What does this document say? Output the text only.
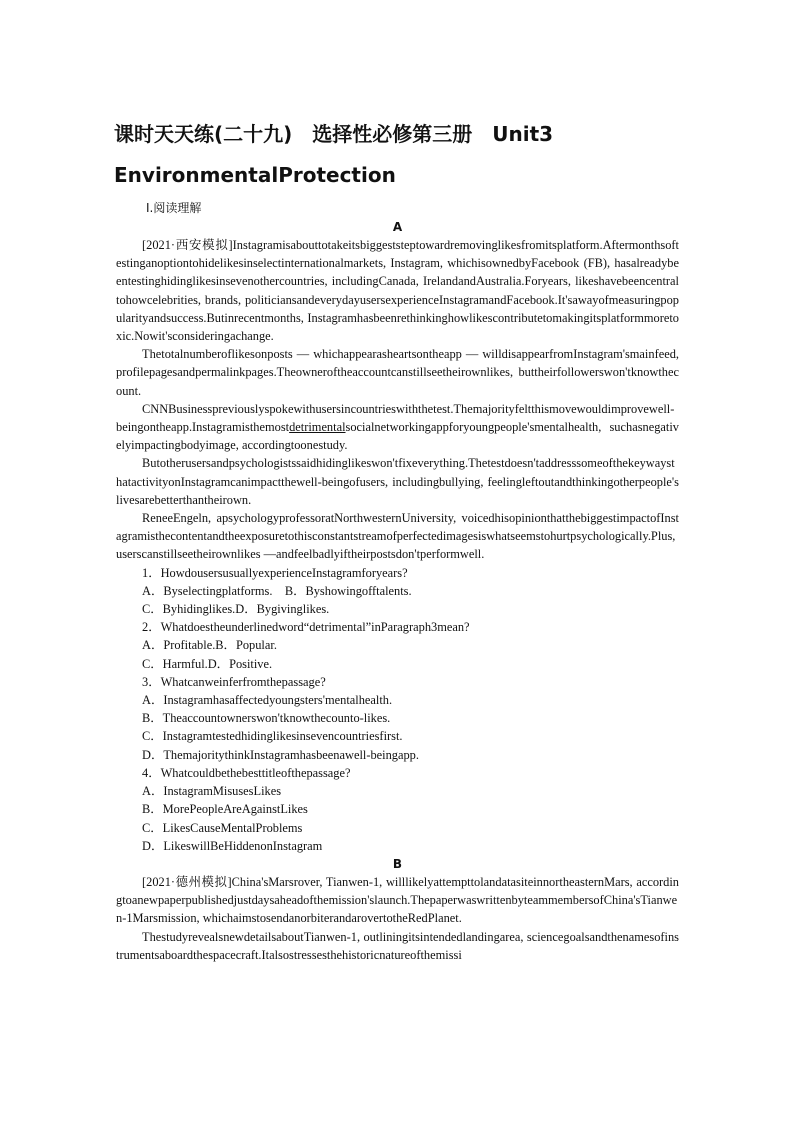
课时天天练(二十九)　选择性必修第三册　Unit3
EnvironmentalProtection
Ⅰ.阅读理解
A

[2021·西安模拟]Instagramisabouttotakeitsbiggeststeptowardremovinglikesfromitsplatform.Aftermonthsoftestinganoptiontohidelikesinselectinternationalmarkets, Instagram, whichisownedbyFacebook (FB), hasalreadybeentestinghidinglikesinsevenothercountries, includingCanada, IrelandandAustralia.Foryears, likeshavebeencentraltohowcelebrities, brands, politiciansandeverydayusersexperienceInstagramandFacebook.It'sawayofmeasuringpopularityandsuccess.Butinrecentmonths, Instagramhasbeenrethinkinghowlikescontributetomakingitsplatformmoretoxic.Nowit'sconsideringachange.

Thetotalnumberoflikesonposts — whichappearasheartsontheapp — willdisappearfromInstagram'smainfeed, profilepagesandpermalinkpages.Theowneroftheaccountcanstillseetheirownlikes, buttheirfollowerswon'tknowthecount.

CNNBusinesspreviouslyspokewithusersincountrieswiththetest.Themajorityfeltthismovewouldimprovewell-beingontheapp.Instagramisthemostdetrimentalsocialnetworkingappforyoungpeople'smentalhealth, suchasnegativelyimpactingbodyimage, accordingtoonestudy.

Butotherusersandpsychologistssaidhidinglikeswon'tfixeverything.Thetestdoesn'taddresssomeofthekeywaysthatactivityonInstagramcanimpactthewell-beingofusers, includingbullying, feelingleftoutandthinkingotherpeople'slivesarebetterthantheirown.

ReneeEngeln, apsychologyprofessoratNorthwesternUniversity, voicedhisopinionthatthebiggestimpactofInstagramisthecontentandtheexposuretothisconstantstreamofperfectedimagesiswhatseemstohurtpsychologically.Plus, userscanstillseetheirownlikes —andfeelbadlyiftheirpostsdon'tperformwell.

1．HowdousersusuallyexperienceInstagramforyears?

A．Byselectingplatforms.　B．Byshowingofftalents.

C．Byhidinglikes.D．Bygivinglikes.

2．Whatdoestheunderlinedword“detrimental”inParagraph3mean?

A．Profitable.B．Popular.

C．Harmful.D．Positive.

3．Whatcanweinferfromthepassage?

A．Instagramhasaffectedyoungsters'mentalhealth.

B．Theaccountownerswon'tknowthecounto-likes.

C．Instagramtestedhidinglikesinsevencountriesfirst.

D．ThemajoritythinkInstagramhasbeenawell-beingapp.

4．Whatcouldbethebesttitleofthepassage?

A．InstagramMisusesLikes

B．MorePeopleAreAgainstLikes

C．LikesCauseMentalProblems

D．LikeswillBeHiddenonInstagram

B

[2021·德州模拟]China'sMarsrover, Tianwen-1, willlikelyattempttolandatasiteinnortheasternMars, accordingtoanewpaperpublishedjustdaysaheadofthemission'slaunch.ThepaperwaswrittenbyteammembersofChina'sTianwen-1Marsmission, whichaimstosendanorbiterandarovertotheRedPlanet.

ThestudyrevealsnewdetailsaboutTianwen-1, outliningitsintendedlandingarea, sciencegoalsandthenamesofinstrumentsaboardthespacecraft.Italsostressesthehistoricnatureofthemissi
